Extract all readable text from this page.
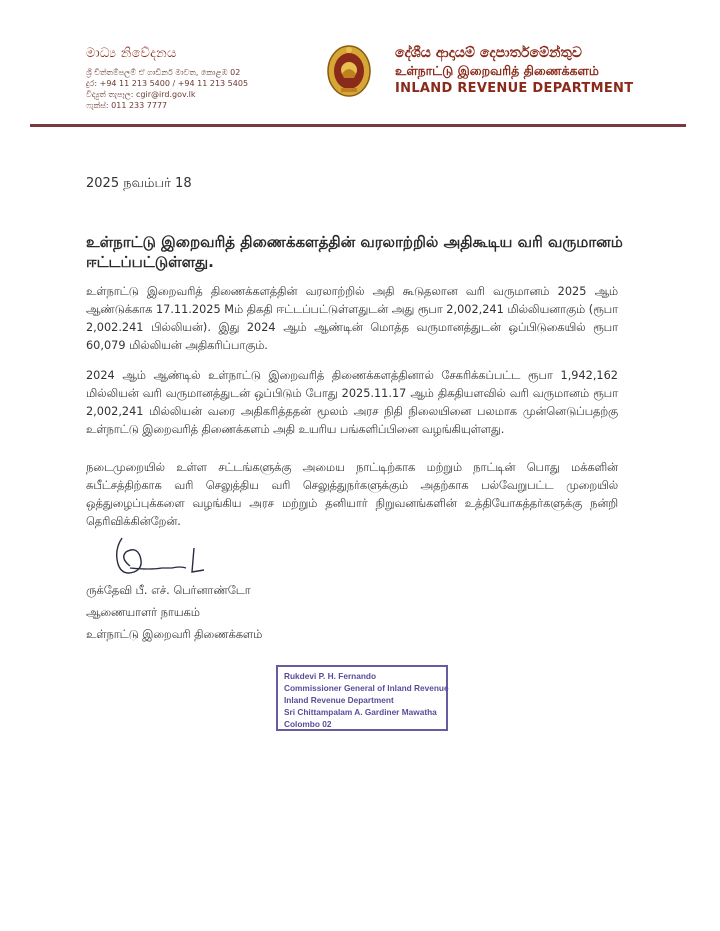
මාධ්‍ය නිවේදනය
ශ්‍රී චිත්තම්පලම් ඒ ගාඩිනර් මාවත, කොළඹ 02
දුර: +94 11 213 5400 / +94 11 213 5405
විද්‍යුත් තැපෑල: cgir@ird.gov.lk
ෆැක්ස්: 011 233 7777
දේශීය ආදායම් දෙපාර්තමේන්තුව
உள்நாட்டு இறைவரித் திணைக்களம்
INLAND REVENUE DEPARTMENT
2025 நவம்பர் 18
உள்நாட்டு இறைவரித் திணைக்களத்தின் வரலாற்றில் அதிகூடிய வரி வருமானம் ஈட்டப்பட்டுள்ளது.
உள்நாட்டு இறைவரித் திணைக்களத்தின் வரலாற்றில் அதி கூடுதலான வரி வருமானம் 2025 ஆம் ஆண்டுக்காக 17.11.2025 Mம் திகதி ஈட்டப்பட்டுள்ளதுடன் அது ரூபா 2,002,241 மில்லியனாகும் (ரூபா 2,002.241 பில்லியன்). இது 2024 ஆம் ஆண்டின் மொத்த வருமானத்துடன் ஒப்பிடுகையில் ரூபா 60,079 மில்லியன் அதிகரிப்பாகும்.
2024 ஆம் ஆண்டில் உள்நாட்டு இறைவரித் திணைக்களத்தினால் சேகரிக்கப்பட்ட ரூபா 1,942,162 மில்லியன் வரி வருமானத்துடன் ஒப்பிடும் போது 2025.11.17 ஆம் திகதியளவில் வரி வருமானம் ரூபா 2,002,241 மில்லியன் வரை அதிகரித்ததன் மூலம் அரச நிதி நிலையினை பலமாக முன்னெடுப்பதற்கு உள்நாட்டு இறைவரித் திணைக்களம் அதி உயரிய பங்களிப்பினை வழங்கியுள்ளது.
நடைமுறையில் உள்ள சட்டங்களுக்கு அமைய நாட்டிற்காக மற்றும் நாட்டின் பொது மக்களின் சுபீட்சத்திற்காக வரி செலுத்திய வரி செலுத்துநர்களுக்கும் அதற்காக பல்வேறுபட்ட முறையில் ஒத்துழைப்புக்களை வழங்கிய அரச மற்றும் தனியார் நிறுவனங்களின் உத்தியோகத்தர்களுக்கு நன்றி தெரிவிக்கின்றேன்.
ருக்தேவி பீ. எச். பெர்னாண்டோ
ஆணையாளர் நாயகம்
உள்நாட்டு இறைவரி திணைக்களம்
Rukdevi P. H. Fernando
Commissioner General of Inland Revenue
Inland Revenue Department
Sri Chittampalam A. Gardiner Mawatha
Colombo 02
